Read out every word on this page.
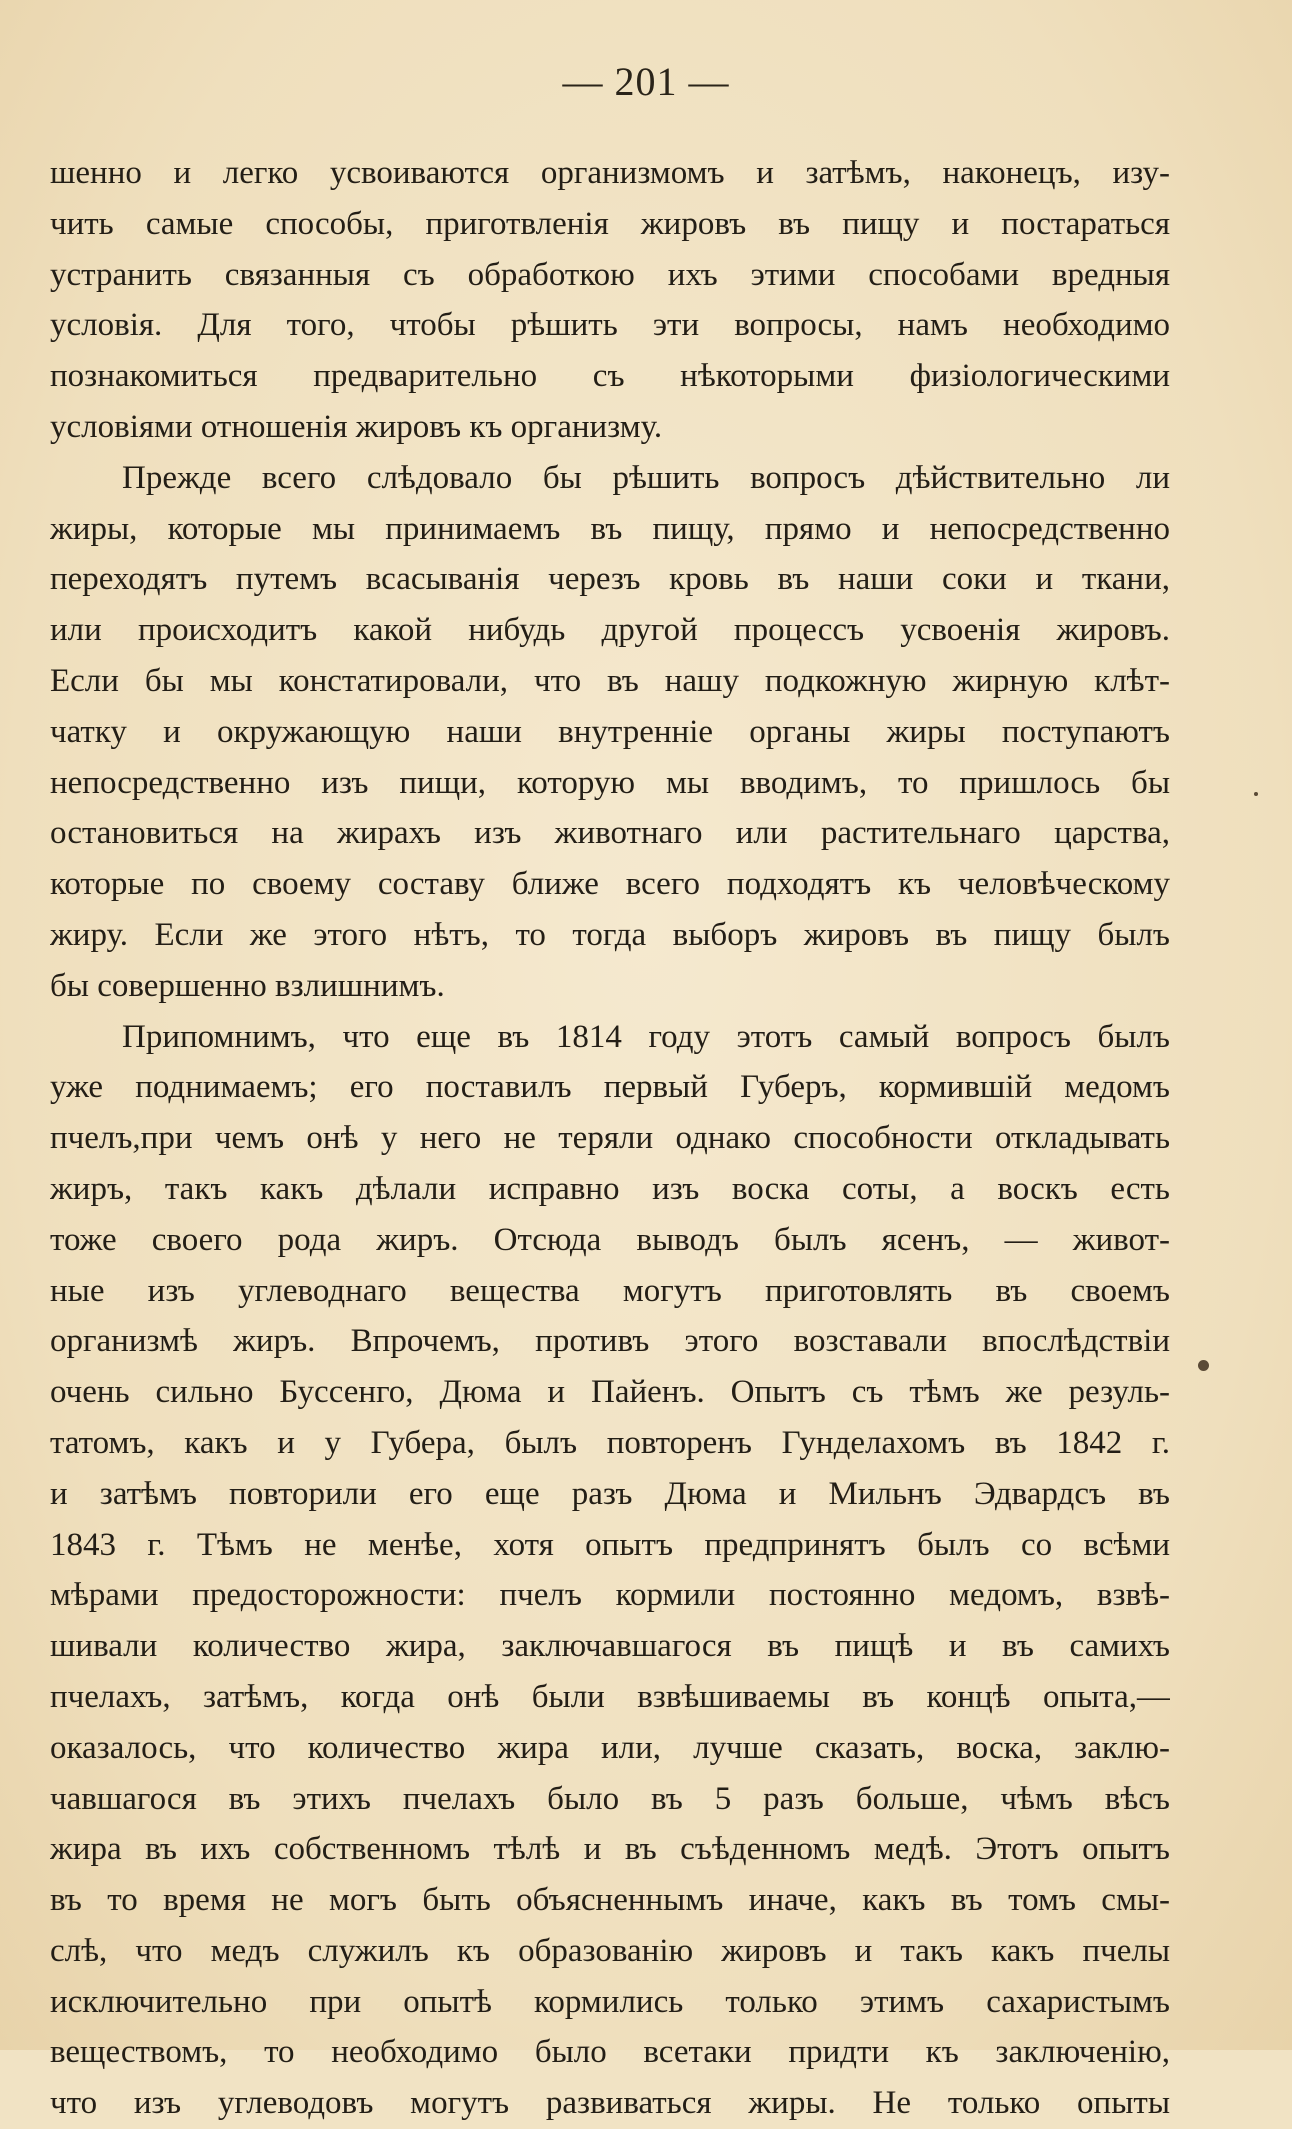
— 201 —
шенно и легко усвоиваются организмомъ и затѣмъ, наконецъ, изу-
чить самые способы, приготвленія жировъ въ пищу и постараться
устранить связанныя съ обработкою ихъ этими способами вредныя
условія. Для того, чтобы рѣшить эти вопросы, намъ необходимо
познакомиться предварительно съ нѣкоторыми физіологическими
условіями отношенія жировъ къ организму.
Прежде всего слѣдовало бы рѣшить вопросъ дѣйствительно ли
жиры, которые мы принимаемъ въ пищу, прямо и непосредственно
переходятъ путемъ всасыванія черезъ кровь въ наши соки и ткани,
или происходитъ какой нибудь другой процессъ усвоенія жировъ.
Если бы мы констатировали, что въ нашу подкожную жирную клѣт-
чатку и окружающую наши внутренніе органы жиры поступаютъ
непосредственно изъ пищи, которую мы вводимъ, то пришлось бы
остановиться на жирахъ изъ животнаго или растительнаго царства,
которые по своему составу ближе всего подходятъ къ человѣческому
жиру. Если же этого нѣтъ, то тогда выборъ жировъ въ пищу былъ
бы совершенно взлишнимъ.
Припомнимъ, что еще въ 1814 году этотъ самый вопросъ былъ
уже поднимаемъ; его поставилъ первый Губеръ, кормившій медомъ
пчелъ,при чемъ онѣ у него не теряли однако способности откладывать
жиръ, такъ какъ дѣлали исправно изъ воска соты, а воскъ есть
тоже своего рода жиръ. Отсюда выводъ былъ ясенъ, — живот-
ные изъ углеводнаго вещества могутъ приготовлять въ своемъ
организмѣ жиръ. Впрочемъ, противъ этого возставали впослѣдствіи
очень сильно Буссенго, Дюма и Пайенъ. Опытъ съ тѣмъ же резуль-
татомъ, какъ и у Губера, былъ повторенъ Гунделахомъ въ 1842 г.
и затѣмъ повторили его еще разъ Дюма и Мильнъ Эдвардсъ въ
1843 г. Тѣмъ не менѣе, хотя опытъ предпринятъ былъ со всѣми
мѣрами предосторожности: пчелъ кормили постоянно медомъ, взвѣ-
шивали количество жира, заключавшагося въ пищѣ и въ самихъ
пчелахъ, затѣмъ, когда онѣ были взвѣшиваемы въ концѣ опыта,—
оказалось, что количество жира или, лучше сказать, воска, заклю-
чавшагося въ этихъ пчелахъ было въ 5 разъ больше, чѣмъ вѣсъ
жира въ ихъ собственномъ тѣлѣ и въ съѣденномъ медѣ. Этотъ опытъ
въ то время не могъ быть объясненнымъ иначе, какъ въ томъ смы-
слѣ, что медъ служилъ къ образованію жировъ и такъ какъ пчелы
исключительно при опытѣ кормились только этимъ сахаристымъ
веществомъ, то необходимо было всетаки придти къ заключенію,
что изъ углеводовъ могутъ развиваться жиры. Не только опыты
